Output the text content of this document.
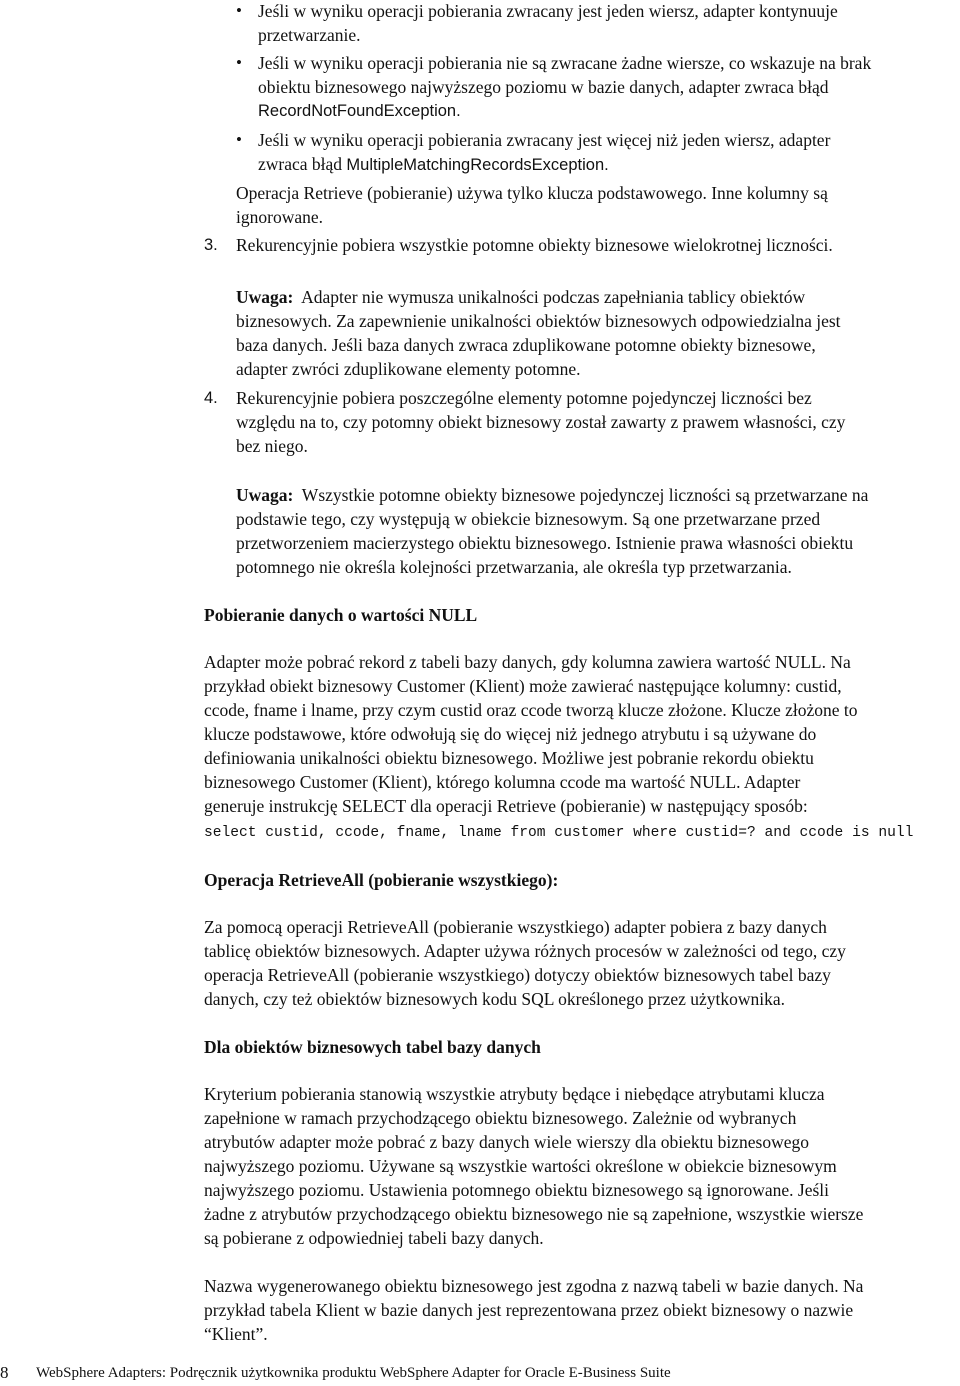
• Jeśli w wyniku operacji pobierania zwracany jest jeden wiersz, adapter kontynuuje

przetwarzanie.

• Jeśli w wyniku operacji pobierania nie są zwracane żadne wiersze, co wskazuje na brak

obiektu biznesowego najwyższego poziomu w bazie danych, adapter zwraca błąd

RecordNotFoundException.

• Jeśli w wyniku operacji pobierania zwracany jest więcej niż jeden wiersz, adapter

zwraca błąd MultipleMatchingRecordsException.

Operacja Retrieve (pobieranie) używa tylko klucza podstawowego. Inne kolumny są

ignorowane.

3. Rekurencyjnie pobiera wszystkie potomne obiekty biznesowe wielokrotnej liczności.

Uwaga: Adapter nie wymusza unikalności podczas zapełniania tablicy obiektów

biznesowych. Za zapewnienie unikalności obiektów biznesowych odpowiedzialna jest

baza danych. Jeśli baza danych zwraca zduplikowane potomne obiekty biznesowe,

adapter zwróci zduplikowane elementy potomne.

4. Rekurencyjnie pobiera poszczególne elementy potomne pojedynczej liczności bez

względu na to, czy potomny obiekt biznesowy został zawarty z prawem własności, czy

bez niego.

Uwaga: Wszystkie potomne obiekty biznesowe pojedynczej liczności są przetwarzane na

podstawie tego, czy występują w obiekcie biznesowym. Są one przetwarzane przed

przetworzeniem macierzystego obiektu biznesowego. Istnienie prawa własności obiektu

potomnego nie określa kolejności przetwarzania, ale określa typ przetwarzania.

Pobieranie danych o wartości NULL

Adapter może pobrać rekord z tabeli bazy danych, gdy kolumna zawiera wartość NULL. Na

przykład obiekt biznesowy Customer (Klient) może zawierać następujące kolumny: custid,

ccode, fname i lname, przy czym custid oraz ccode tworzą klucze złożone. Klucze złożone to

klucze podstawowe, które odwołują się do więcej niż jednego atrybutu i są używane do

definiowania unikalności obiektu biznesowego. Możliwe jest pobranie rekordu obiektu

biznesowego Customer (Klient), którego kolumna ccode ma wartość NULL. Adapter

generuje instrukcję SELECT dla operacji Retrieve (pobieranie) w następujący sposób:

select custid, ccode, fname, lname from customer where custid=? and ccode is null
Operacja RetrieveAll (pobieranie wszystkiego):

Za pomocą operacji RetrieveAll (pobieranie wszystkiego) adapter pobiera z bazy danych

tablicę obiektów biznesowych. Adapter używa różnych procesów w zależności od tego, czy

operacja RetrieveAll (pobieranie wszystkiego) dotyczy obiektów biznesowych tabel bazy

danych, czy też obiektów biznesowych kodu SQL określonego przez użytkownika.

Dla obiektów biznesowych tabel bazy danych

Kryterium pobierania stanowią wszystkie atrybuty będące i niebędące atrybutami klucza

zapełnione w ramach przychodzącego obiektu biznesowego. Zależnie od wybranych

atrybutów adapter może pobrać z bazy danych wiele wierszy dla obiektu biznesowego

najwyższego poziomu. Używane są wszystkie wartości określone w obiekcie biznesowym

najwyższego poziomu. Ustawienia potomnego obiektu biznesowego są ignorowane. Jeśli

żadne z atrybutów przychodzącego obiektu biznesowego nie są zapełnione, wszystkie wiersze

są pobierane z odpowiedniej tabeli bazy danych.

Nazwa wygenerowanego obiektu biznesowego jest zgodna z nazwą tabeli w bazie danych. Na

przykład tabela Klient w bazie danych jest reprezentowana przez obiekt biznesowy o nazwie

“Klient”.

8 WebSphere Adapters: Podręcznik użytkownika produktu WebSphere Adapter for Oracle E-Business Suite
